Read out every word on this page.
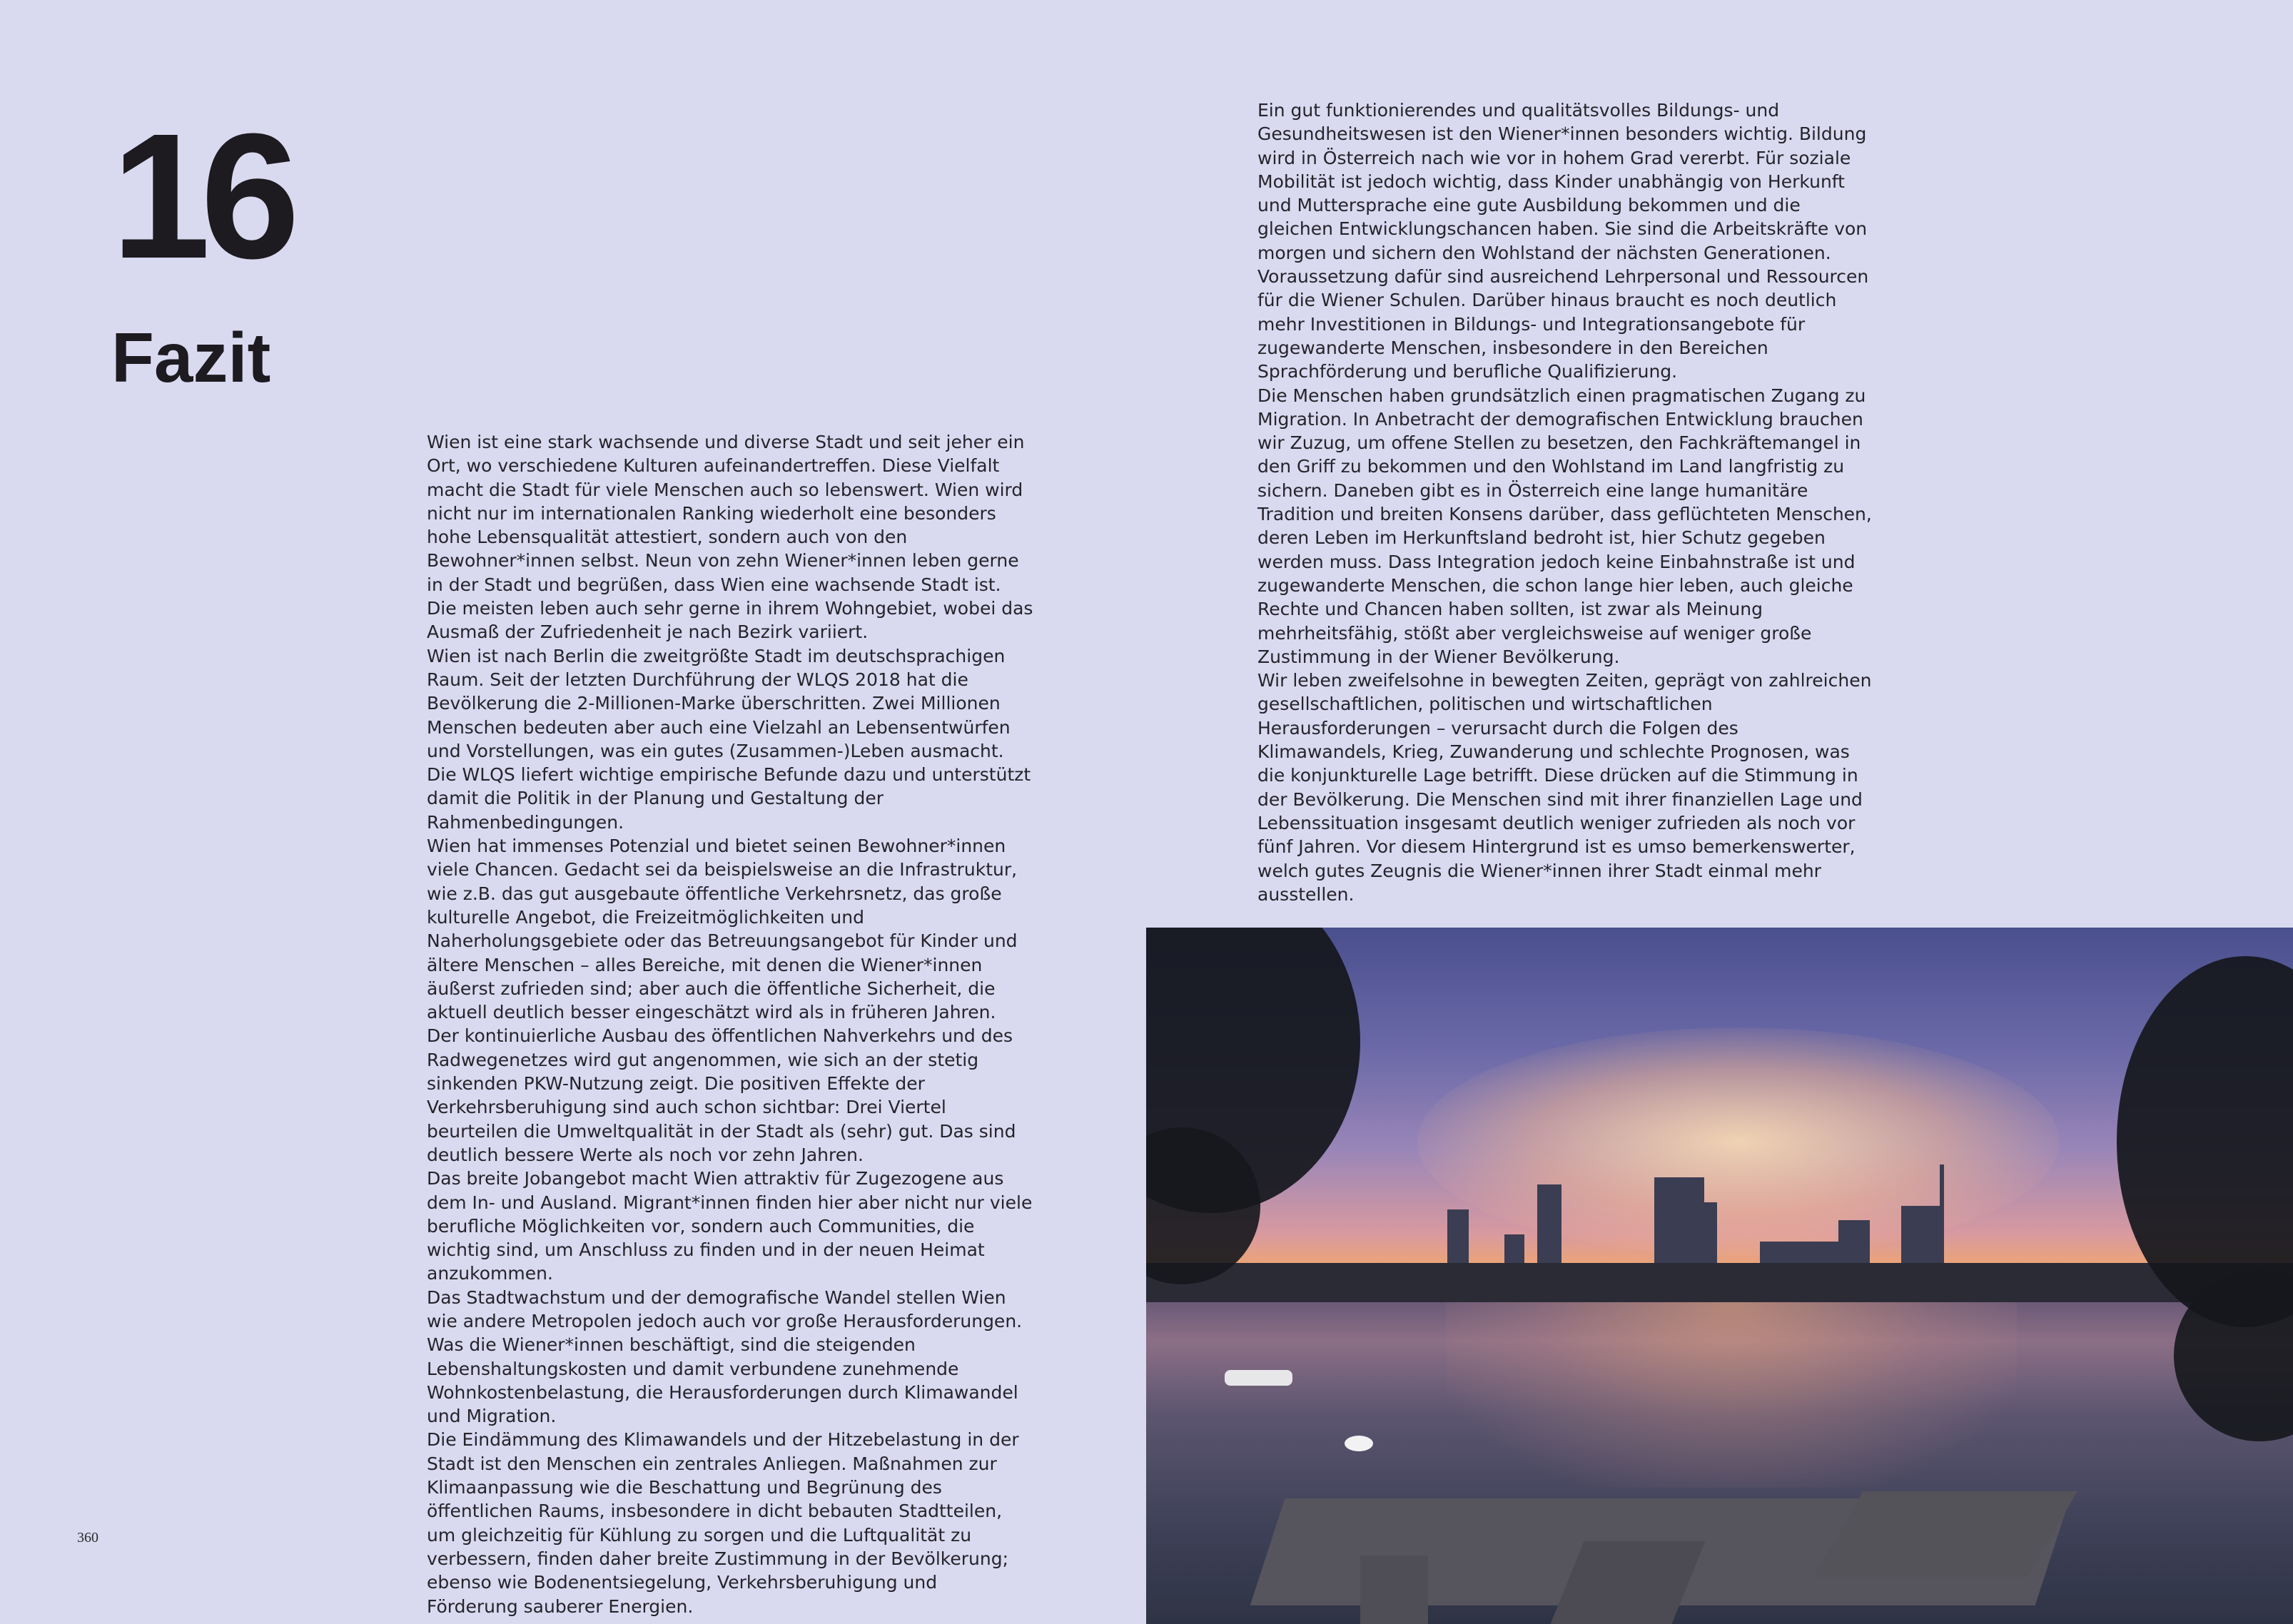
16
Fazit

Wien ist eine stark wachsende und diverse Stadt und seit jeher ein Ort, wo verschiedene Kulturen aufeinandertreffen. Diese Vielfalt macht die Stadt für viele Menschen auch so lebenswert. Wien wird nicht nur im internationalen Ranking wiederholt eine besonders hohe Lebensqualität attestiert, sondern auch von den Bewohner*innen selbst. Neun von zehn Wiener*innen leben gerne in der Stadt und begrüßen, dass Wien eine wachsende Stadt ist. Die meisten leben auch sehr gerne in ihrem Wohngebiet, wobei das Ausmaß der Zufriedenheit je nach Bezirk variiert.

Wien ist nach Berlin die zweitgrößte Stadt im deutschsprachigen Raum. Seit der letzten Durchführung der WLQS 2018 hat die Bevölkerung die 2-Millionen-Marke überschritten. Zwei Millionen Menschen bedeuten aber auch eine Vielzahl an Lebensentwürfen und Vorstellungen, was ein gutes (Zusammen-)Leben ausmacht. Die WLQS liefert wichtige empirische Befunde dazu und unterstützt damit die Politik in der Planung und Gestaltung der Rahmenbedingungen.

Wien hat immenses Potenzial und bietet seinen Bewohner*innen viele Chancen. Gedacht sei da beispielsweise an die Infrastruktur, wie z.B. das gut ausgebaute öffentliche Verkehrsnetz, das große kulturelle Angebot, die Freizeitmöglichkeiten und Naherholungsgebiete oder das Betreuungsangebot für Kinder und ältere Menschen – alles Bereiche, mit denen die Wiener*innen äußerst zufrieden sind; aber auch die öffentliche Sicherheit, die aktuell deutlich besser eingeschätzt wird als in früheren Jahren.

Der kontinuierliche Ausbau des öffentlichen Nahverkehrs und des Radwegenetzes wird gut angenommen, wie sich an der stetig sinkenden PKW-Nutzung zeigt. Die positiven Effekte der Verkehrsberuhigung sind auch schon sichtbar: Drei Viertel beurteilen die Umweltqualität in der Stadt als (sehr) gut. Das sind deutlich bessere Werte als noch vor zehn Jahren.

Das breite Jobangebot macht Wien attraktiv für Zugezogene aus dem In- und Ausland. Migrant*innen finden hier aber nicht nur viele berufliche Möglichkeiten vor, sondern auch Communities, die wichtig sind, um Anschluss zu finden und in der neuen Heimat anzukommen.

Das Stadtwachstum und der demografische Wandel stellen Wien wie andere Metropolen jedoch auch vor große Herausforderungen. Was die Wiener*innen beschäftigt, sind die steigenden Lebenshaltungskosten und damit verbundene zunehmende Wohnkostenbelastung, die Herausforderungen durch Klimawandel und Migration.

Die Eindämmung des Klimawandels und der Hitzebelastung in der Stadt ist den Menschen ein zentrales Anliegen. Maßnahmen zur Klimaanpassung wie die Beschattung und Begrünung des öffentlichen Raums, insbesondere in dicht bebauten Stadtteilen, um gleichzeitig für Kühlung zu sorgen und die Luftqualität zu verbessern, finden daher breite Zustimmung in der Bevölkerung; ebenso wie Bodenentsiegelung, Verkehrsberuhigung und Förderung sauberer Energien.

Ein gut funktionierendes und qualitätsvolles Bildungs- und Gesundheitswesen ist den Wiener*innen besonders wichtig. Bildung wird in Österreich nach wie vor in hohem Grad vererbt. Für soziale Mobilität ist jedoch wichtig, dass Kinder unabhängig von Herkunft und Muttersprache eine gute Ausbildung bekommen und die gleichen Entwicklungschancen haben. Sie sind die Arbeitskräfte von morgen und sichern den Wohlstand der nächsten Generationen. Voraussetzung dafür sind ausreichend Lehrpersonal und Ressourcen für die Wiener Schulen. Darüber hinaus braucht es noch deutlich mehr Investitionen in Bildungs- und Integrationsangebote für zugewanderte Menschen, insbesondere in den Bereichen Sprachförderung und berufliche Qualifizierung.

Die Menschen haben grundsätzlich einen pragmatischen Zugang zu Migration. In Anbetracht der demografischen Entwicklung brauchen wir Zuzug, um offene Stellen zu besetzen, den Fachkräftemangel in den Griff zu bekommen und den Wohlstand im Land langfristig zu sichern. Daneben gibt es in Österreich eine lange humanitäre Tradition und breiten Konsens darüber, dass geflüchteten Menschen, deren Leben im Herkunftsland bedroht ist, hier Schutz gegeben werden muss. Dass Integration jedoch keine Einbahnstraße ist und zugewanderte Menschen, die schon lange hier leben, auch gleiche Rechte und Chancen haben sollten, ist zwar als Meinung mehrheitsfähig, stößt aber vergleichsweise auf weniger große Zustimmung in der Wiener Bevölkerung.

Wir leben zweifelsohne in bewegten Zeiten, geprägt von zahlreichen gesellschaftlichen, politischen und wirtschaftlichen Herausforderungen – verursacht durch die Folgen des Klimawandels, Krieg, Zuwanderung und schlechte Prognosen, was die konjunkturelle Lage betrifft. Diese drücken auf die Stimmung in der Bevölkerung. Die Menschen sind mit ihrer finanziellen Lage und Lebenssituation insgesamt deutlich weniger zufrieden als noch vor fünf Jahren. Vor diesem Hintergrund ist es umso bemerkenswerter, welch gutes Zeugnis die Wiener*innen ihrer Stadt einmal mehr ausstellen.

360
